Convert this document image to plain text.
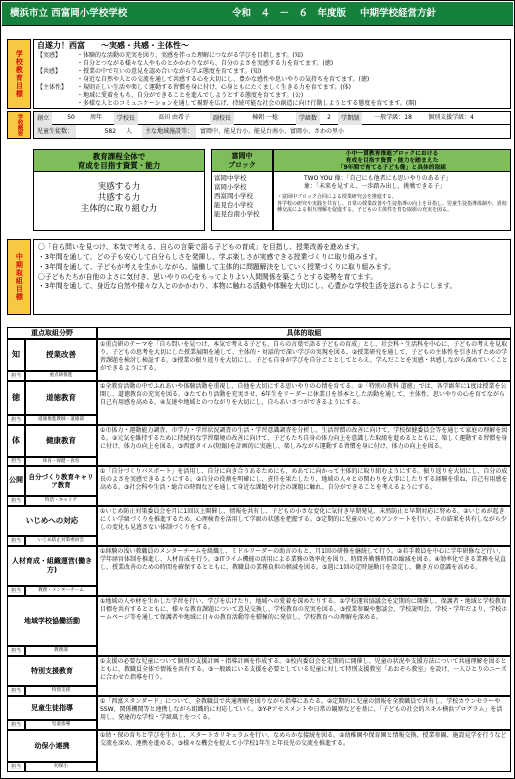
横浜市立 西富岡小学校学校	令和　４　－　６　年度版 中期学校経営方針
学校教育目標
自遂力！西富　　～実感・共感・主体性～
【実感】	・体験的な活動の充実を図り、実感を伴った理解につながる学びを目指します。(知)
・自分とつながる様々な人やものとかかわりながら、自分のよさを実感する力を育てます。(徳)
【共感】	・授業の中で互いの意見を認め合いながら学ぶ態度を育てます。(知)
・身近な自然や人との交流を通して共感する心を大切にし、豊かな感性や思いやりの気持ちを育てます。(徳)
【主体性】	・規則正しい生活や楽しく運動する習慣を身に付け、心身ともにたくましく生きる力を育てます。(体)
・地域に愛着をもち、自分ができることを進んでしようとする態度を育てます。(公)
・多様な人とのコミュニケーションを通して視野を広げ、持続可能な社会の創造に向け行動しようとする態度を育てます。(開)
学校概要	創立	50	周年	学校長	髙田 由希子	副校長	棟朝 一稔	学級数	2	学期制	一般学級：18	個別支援学級：4
児童生徒数：	582	人	主な地域施設等：	富岡中、能見台小、能見台南小、富岡小、さわの里小
教育課程全体で
育成を目指す資質・能力
実感する力
共感する力
主体的に取り組む力
富岡中
ブロック
富岡中学校
富岡小学校
西富岡小学校
能見台小学校
能見台南小学校
小中一貫教育推進ブロックにおける
育成を目指す資質・能力を踏まえた
「9年間で育てる子ども像」と具体的取組
TWO YOU 像：「自己にも他者にも思いやりのある子」
象：「未来を見すえ、一歩踏み出し、挑戦できる子」
・富岡中ブロック合同による授業研究会を推進する。
各学校の研究や実践を共有し、日常の授業改善や生徒指導の向上を目指し、児童生徒指導体制や、異校種交流による相互理解を促進する。子どもの主体性を育む取組の充実を図る。
中期取組目標
〇「自ら問いを見つけ、本気で考える、自らの言葉で語る子どもの育成」を目指し、授業改善を進めます。
・3年間を通して、どの子も安心して自分らしさを発揮し、学ぶ楽しさが実感できる授業づくりに取り組みます。
・3年間を通して、子どもが考えを生かしながら、協働して主体的に問題解決をしていく授業づくりに取り組みます。
〇子どもたちが自他のよさに気付き、思いやりの心をもってよりよい人間関係を築こうとする姿勢を育てます。
・3年間を通して、身近な自然や様々な人とのかかわり、本物に触れる活動や体験を大切にし、心豊かな学校生活を送れるようにします。
重点取組分野	具体的取組
知	授業改善
担当	重点研推進
①重点研のテーマを「自ら問いを見つけ、本気で考える子ども、自らの言葉で語る子どもの育成」とし、社会科・生活科を中心に、子どもの考えを見取り、子どもの思考を大切にした授業展開を通して、主体的・対話的で深い学びの実現を図る。②授業研究を通して、子どもの主体性を引き出すための学習課題を検討し検証する。③授業の振り返りを大切にし、子ども自身が学びを自分ごととしてとらえ、学んだことを実感・共感しながら深めていくことができるようにする。
徳	道徳教育
担当	道徳推進教師・道徳部
①全教育活動の中でふれあいや体験活動を重視し、自他を大切にする思いやりの心情を育てる。②「特別の教科 道徳」では、各学級年に1度は授業を公開し、道徳教育の充実を図る。③たてわり活動を充実させ、6年生をリーダーに休業日を基本とした活動を通して、主体性、思いやりの心を育てながら自己有用感を高める。④友達や地域とのつながりを大切にし、自らあいさつができるようにする。
体	健康教育
担当	体育・保健・食育
①市体力・運動能力調査、市学力・学習状況調査の生活・学習意識調査を分析し、生活習慣の改善に向けて、学校保健委員会等を通じて家庭の理解を図る。②元気を維持するために持続的な学習環境の改善に向けて、子どもたち自身の体力向上を意識した取組を進めるとともに、楽しく運動する習慣を身に付け、体力の向上を図る。③西富タイム(短縮)を計画的に実施し、楽しみながら運動する習慣を身に付け、体力の向上を図る。
公開 自分づくり教育キャリア教育
担当	特活・キャリア
①「自分づくりパスポート」を活用し、自分に向き合うあるためにも、めあてに向かって主体的に取り組むようにする。振り返りを大切にし、自分の成長のよさを実感できるようにする。②自分の役割を明確にし、責任を果たしたり、地域の人々との関わりを大事にしたりする経験を重ね、自己有用感を高める。③社会科や生活・総合の時間などを通して身近な課題や社会の課題に触れ、自分ができることを考えるようにする。
いじめへの対応
担当	いじめ防止対策委員会
①いじめ防止対策委員会を月に1回以上開催し、情報を共有し、子どもの小さな変化に気付き早期発見、未然防止と早期対応に努める。②いじめが起きにくい学級づくりを推進するため、心理検査を活用して学級の状態を把握する。③定期的に児童のいじめアンケートを行い、その結果を共有しながら少しの変化も見逃さない体制づくりをする。
人材育成・組織運営(働き方)
担当	教務・メンターチーム
①経験の浅い教職員のメンターチームを組織し、ミドルリーダーの助言のもと、月1回の研修を継続して行う。②若手教員を中心に学年研修など行い、学年経営体制を推進し、人材育成を行う。③ITライム機能の活用による業務の効率化を図り、時間外勤務時間の縮減を図る。④効率化できる業務を見直し、授業改善のための時間を確保するとともに、教職員の業務負担の軽減を図る。⑤週に1回の定時退勤日を設定し、働き方の意識を高める。
地域学校協働活動
担当	教務部
①地域の人や材を生かした学習を行い、学びを広げたり、地域への愛着を深めたりする。②学校運営協議会を定期的に開催し、保護者・地域と学校教育目標を共有するとともに、様々な教育課題について意見交換し、学校教育の充実を図る。③授業参観や懇談会、学校説明会、学校・学年だより、学校ホームページ等を通して保護者や地域に日々の教育活動等を積極的に発信し、学校教育への理解を深める。
特別支援教育
担当	特別支援
①支援の必要な児童について個別の支援計画・指導計画を作成する。②校内委員会を定期的に開催し、児童の状況や支援方法について共通理解を図るとともに、教職員全体で情報を共有する。③一般級にいる支援を必要としている児童に対して特別支援教室「あおぞら教室」を設け、一人ひとりのニーズに合わせた指導を行う。
児童生徒指導
担当	児童指導
①「西富スタンダード」について、全教職員で共通理解を図りながら指導にあたる。②定期的に児童の情報を全教職員で共有し、学校カウンセラーやSSW、関係機関等と連携しながら組織的に対応していく。③Y-Pアセスメントや日常の観察などを基に、「子どもの社会的スキル横浜プログラム」を活用し、発達的な学校・学級風土をつくる。
幼保小連携
担当	幼保小
①幼・保の育ちと学びを生かし、スタートカリキュラムを行い、なめらかな接続を図る。②幼稚園や保育園と情報交換、授業参観、施設見学を行うなど交流を深め、連携を進める。③様々な機会を捉えて小学校1年生と年長児の交流を推進する。
